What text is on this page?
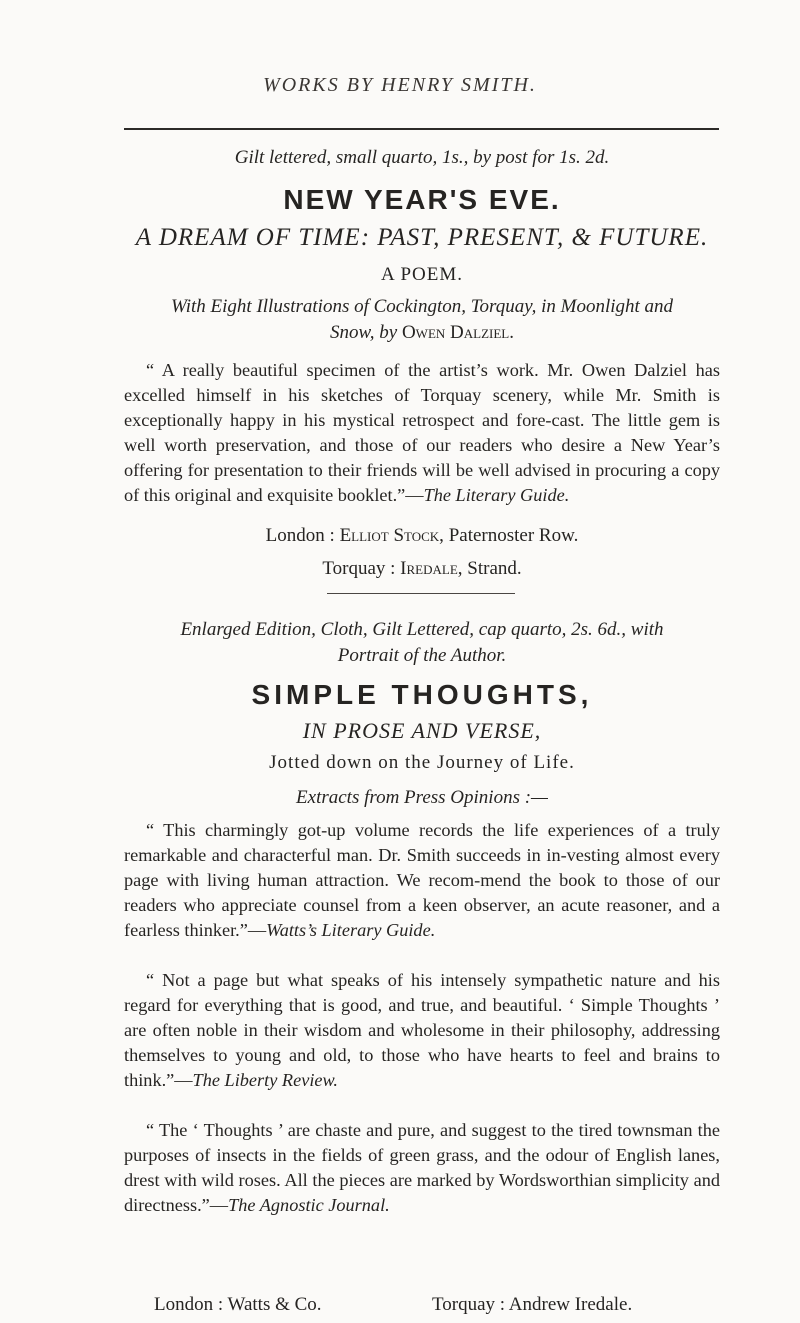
WORKS BY HENRY SMITH.
Gilt lettered, small quarto, 1s., by post for 1s. 2d.
NEW YEAR'S EVE.
A DREAM OF TIME: PAST, PRESENT, & FUTURE.
A POEM.
With Eight Illustrations of Cockington, Torquay, in Moonlight and
Snow, by Owen Dalziel.
“ A really beautiful specimen of the artist’s work. Mr. Owen Dalziel has excelled himself in his sketches of Torquay scenery, while Mr. Smith is exceptionally happy in his mystical retrospect and fore-cast. The little gem is well worth preservation, and those of our readers who desire a New Year’s offering for presentation to their friends will be well advised in procuring a copy of this original and exquisite booklet.”—The Literary Guide.
London : Elliot Stock, Paternoster Row.
Torquay : Iredale, Strand.
Enlarged Edition, Cloth, Gilt Lettered, cap quarto, 2s. 6d., with
Portrait of the Author.
SIMPLE THOUGHTS,
IN PROSE AND VERSE,
Jotted down on the Journey of Life.
Extracts from Press Opinions :—
“ This charmingly got-up volume records the life experiences of a truly remarkable and characterful man. Dr. Smith succeeds in in-vesting almost every page with living human attraction. We recom-mend the book to those of our readers who appreciate counsel from a keen observer, an acute reasoner, and a fearless thinker.”—Watts’s Literary Guide.
“ Not a page but what speaks of his intensely sympathetic nature and his regard for everything that is good, and true, and beautiful. ‘ Simple Thoughts ’ are often noble in their wisdom and wholesome in their philosophy, addressing themselves to young and old, to those who have hearts to feel and brains to think.”—The Liberty Review.
“ The ‘ Thoughts ’ are chaste and pure, and suggest to the tired townsman the purposes of insects in the fields of green grass, and the odour of English lanes, drest with wild roses. All the pieces are marked by Wordsworthian simplicity and directness.”—The Agnostic Journal.
London : Watts & Co.	Torquay : Andrew Iredale.
